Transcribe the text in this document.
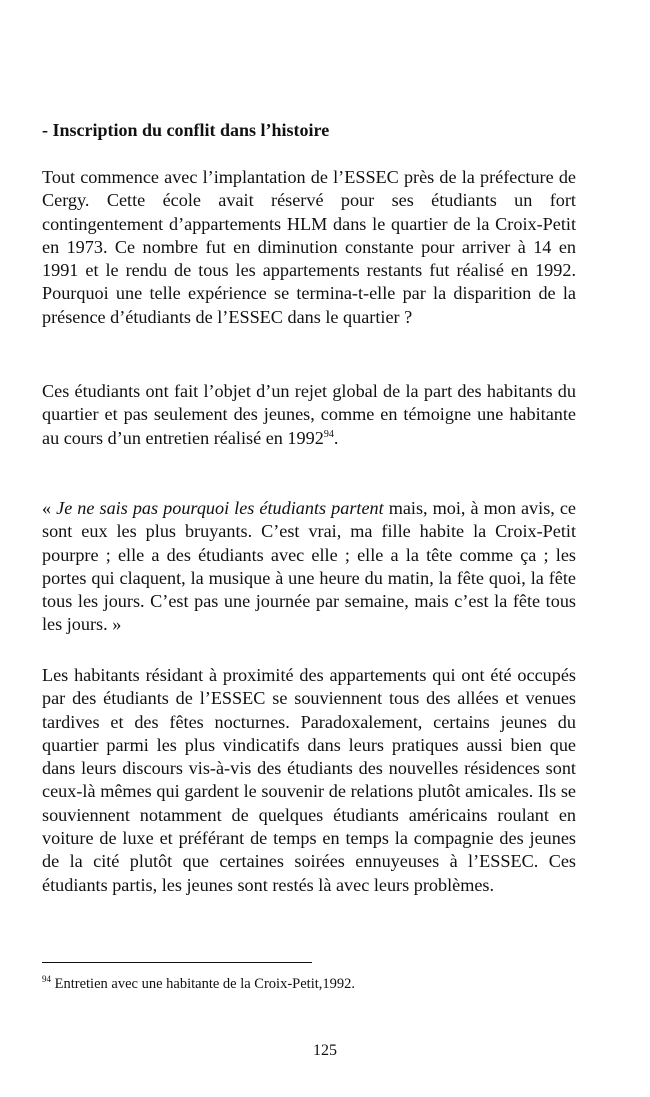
- Inscription du conflit dans l’histoire

Tout commence avec l’implantation de l’ESSEC près de la préfecture de Cergy. Cette école avait réservé pour ses étudiants un fort contingentement d’appartements HLM dans le quartier de la Croix-Petit en 1973. Ce nombre fut en diminution constante pour arriver à 14 en 1991 et le rendu de tous les appartements restants fut réalisé en 1992. Pourquoi une telle expérience se termina-t-elle par la disparition de la présence d’étudiants de l’ESSEC dans le quartier ?

Ces étudiants ont fait l’objet d’un rejet global de la part des habitants du quartier et pas seulement des jeunes, comme en témoigne une habitante au cours d’un entretien réalisé en 1992$^{94}$.

« Je ne sais pas pourquoi les étudiants partent mais, moi, à mon avis, ce sont eux les plus bruyants. C’est vrai, ma fille habite la Croix-Petit pourpre ; elle a des étudiants avec elle ; elle a la tête comme ça ; les portes qui claquent, la musique à une heure du matin, la fête quoi, la fête tous les jours. C’est pas une journée par semaine, mais c’est la fête tous les jours. »

Les habitants résidant à proximité des appartements qui ont été occupés par des étudiants de l’ESSEC se souviennent tous des allées et venues tardives et des fêtes nocturnes. Paradoxalement, certains jeunes du quartier parmi les plus vindicatifs dans leurs pratiques aussi bien que dans leurs discours vis-à-vis des étudiants des nouvelles résidences sont ceux-là mêmes qui gardent le souvenir de relations plutôt amicales. Ils se souviennent notamment de quelques étudiants américains roulant en voiture de luxe et préférant de temps en temps la compagnie des jeunes de la cité plutôt que certaines soirées ennuyeuses à l’ESSEC. Ces étudiants partis, les jeunes sont restés là avec leurs problèmes.

$^{94}$ Entretien avec une habitante de la Croix-Petit,1992.

125
